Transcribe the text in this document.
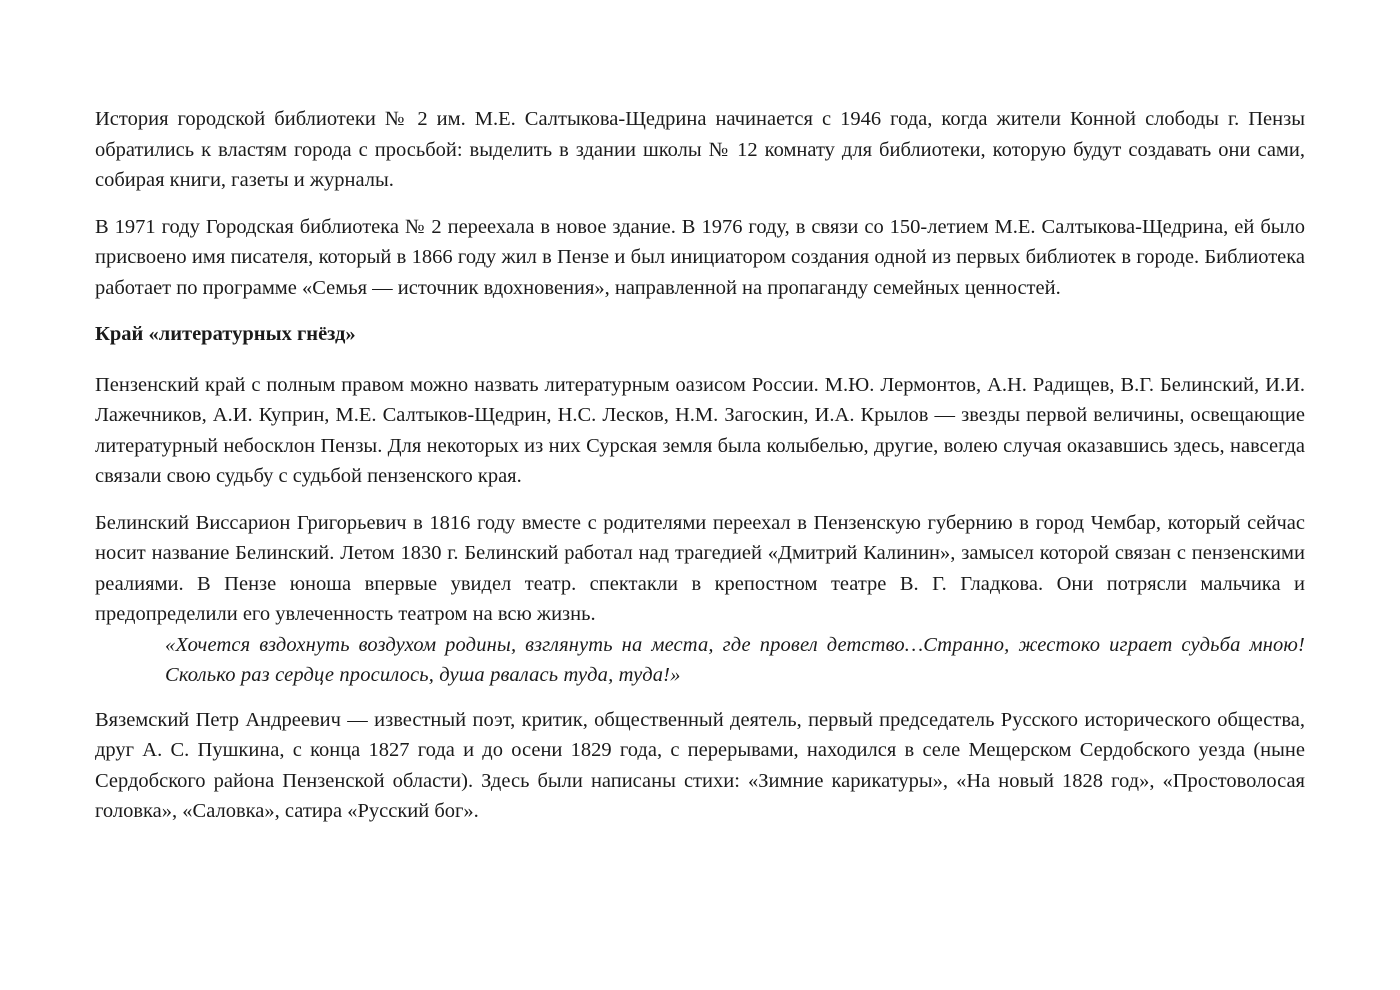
История городской библиотеки № 2 им. М.Е. Салтыкова-Щедрина начинается с 1946 года, когда жители Конной слободы г. Пензы обратились к властям города с просьбой: выделить в здании школы № 12 комнату для библиотеки, которую будут создавать они сами, собирая книги, газеты и журналы.

В 1971 году Городская библиотека № 2 переехала в новое здание. В 1976 году, в связи со 150-летием М.Е. Салтыкова-Щедрина, ей было присвоено имя писателя, который в 1866 году жил в Пензе и был инициатором создания одной из первых библиотек в городе. Библиотека работает по программе «Семья — источник вдохновения», направленной на пропаганду семейных ценностей.

Край «литературных гнёзд»

Пензенский край с полным правом можно назвать литературным оазисом России. М.Ю. Лермонтов, А.Н. Радищев, В.Г. Белинский, И.И. Лажечников, А.И. Куприн, М.Е. Салтыков-Щедрин, Н.С. Лесков, Н.М. Загоскин, И.А. Крылов — звезды первой величины, освещающие литературный небосклон Пензы. Для некоторых из них Сурская земля была колыбелью, другие, волею случая оказавшись здесь, навсегда связали свою судьбу с судьбой пензенского края.

Белинский Виссарион Григорьевич в 1816 году вместе с родителями переехал в Пензенскую губернию в город Чембар, который сейчас носит название Белинский. Летом 1830 г. Белинский работал над трагедией «Дмитрий Калинин», замысел которой связан с пензенскими реалиями. В Пензе юноша впервые увидел театр. спектакли в крепостном театре В. Г. Гладкова. Они потрясли мальчика и предопределили его увлеченность театром на всю жизнь.

«Хочется вздохнуть воздухом родины, взглянуть на места, где провел детство…Странно, жестоко играет судьба мною! Сколько раз сердце просилось, душа рвалась туда, туда!»

Вяземский Петр Андреевич — известный поэт, критик, общественный деятель, первый председатель Русского исторического общества, друг А. С. Пушкина, с конца 1827 года и до осени 1829 года, с перерывами, находился в селе Мещерском Сердобского уезда (ныне Сердобского района Пензенской области). Здесь были написаны стихи: «Зимние карикатуры», «На новый 1828 год», «Простоволосая головка», «Саловка», сатира «Русский бог».
